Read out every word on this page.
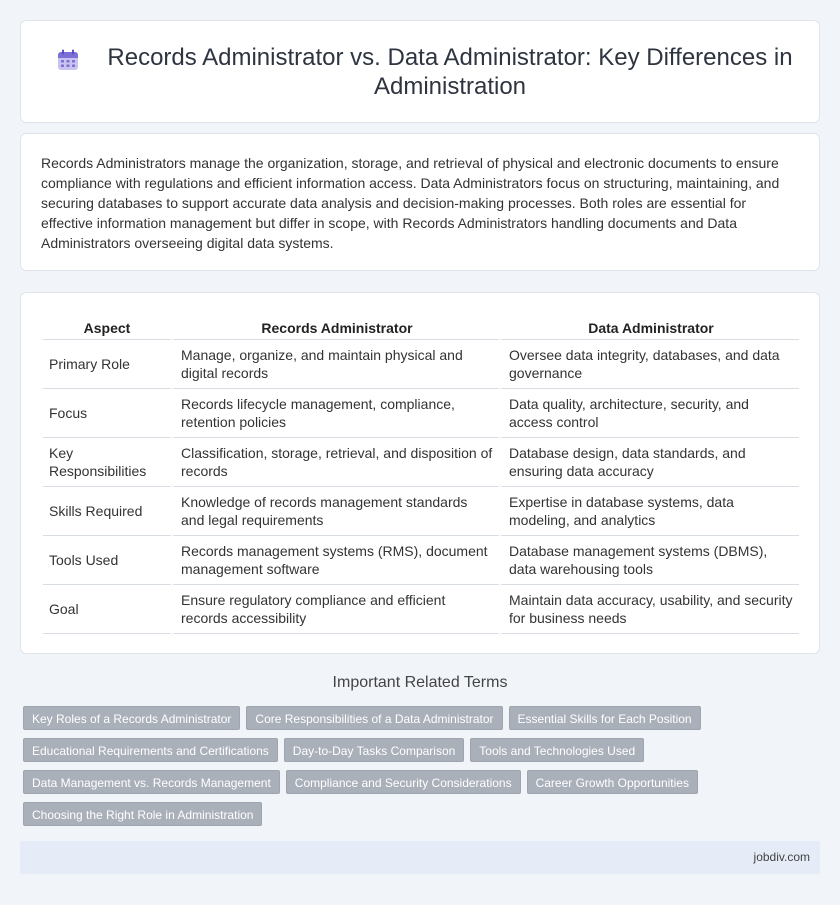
Records Administrator vs. Data Administrator: Key Differences in Administration

Records Administrators manage the organization, storage, and retrieval of physical and electronic documents to ensure compliance with regulations and efficient information access. Data Administrators focus on structuring, maintaining, and securing databases to support accurate data analysis and decision-making processes. Both roles are essential for effective information management but differ in scope, with Records Administrators handling documents and Data Administrators overseeing digital data systems.

Aspect	Records Administrator	Data Administrator
Primary Role	Manage, organize, and maintain physical and digital records	Oversee data integrity, databases, and data governance
Focus	Records lifecycle management, compliance, retention policies	Data quality, architecture, security, and access control
Key Responsibilities	Classification, storage, retrieval, and disposition of records	Database design, data standards, and ensuring data accuracy
Skills Required	Knowledge of records management standards and legal requirements	Expertise in database systems, data modeling, and analytics
Tools Used	Records management systems (RMS), document management software	Database management systems (DBMS), data warehousing tools
Goal	Ensure regulatory compliance and efficient records accessibility	Maintain data accuracy, usability, and security for business needs
Important Related Terms
Key Roles of a Records Administrator	Core Responsibilities of a Data Administrator	Essential Skills for Each Position
Educational Requirements and Certifications	Day-to-Day Tasks Comparison	Tools and Technologies Used
Data Management vs. Records Management	Compliance and Security Considerations	Career Growth Opportunities
Choosing the Right Role in Administration
jobdiv.com
